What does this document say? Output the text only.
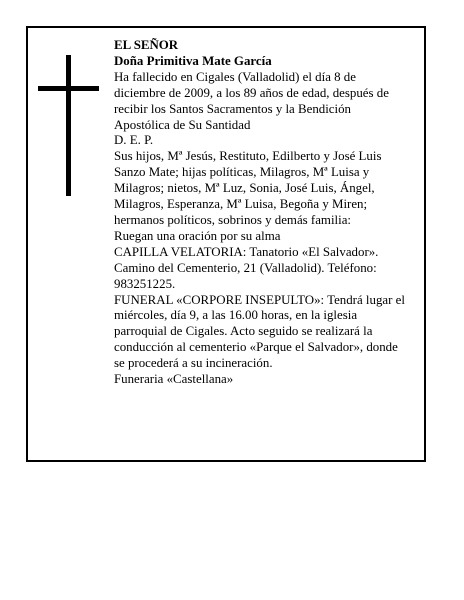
EL SEÑOR

Doña Primitiva Mate García

Ha fallecido en Cigales (Valladolid) el día 8 de

diciembre de 2009, a los 89 años de edad, después de

recibir los Santos Sacramentos y la Bendición

Apostólica de Su Santidad

D. E. P.

Sus hijos, Mª Jesús, Restituto, Edilberto y José Luis

Sanzo Mate; hijas políticas, Milagros, Mª Luisa y

Milagros; nietos, Mª Luz, Sonia, José Luis, Ángel,

Milagros, Esperanza, Mª Luisa, Begoña y Miren;

hermanos políticos, sobrinos y demás familia:

Ruegan una oración por su alma

CAPILLA VELATORIA: Tanatorio «El Salvador».

Camino del Cementerio, 21 (Valladolid). Teléfono:

983251225.

FUNERAL «CORPORE INSEPULTO»: Tendrá lugar el

miércoles, día 9, a las 16.00 horas, en la iglesia

parroquial de Cigales. Acto seguido se realizará la

conducción al cementerio «Parque el Salvador», donde

se procederá a su incineración.

Funeraria «Castellana»
